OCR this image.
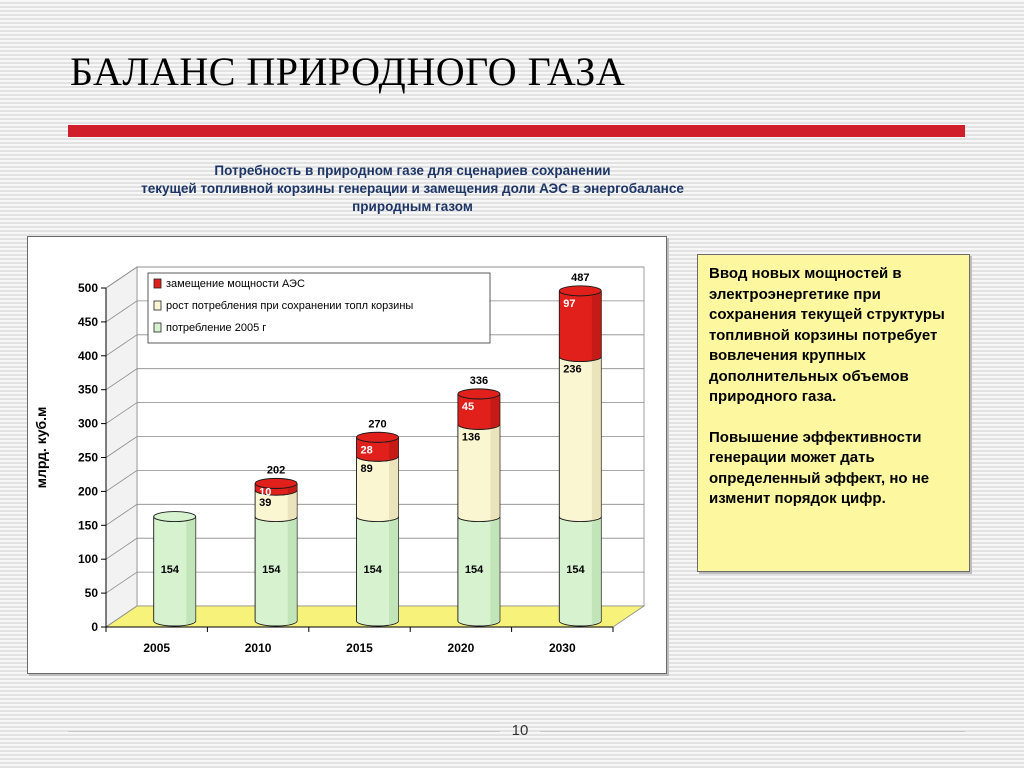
БАЛАНС ПРИРОДНОГО ГАЗА
Потребность в природном газе для сценариев сохранении
текущей топливной корзины генерации и замещения доли АЭС в энергобалансе
природным газом
0
50
100
150
200
250
300
350
400
450
500
2005	2010	2015	2020	2030
154	154
39
10
202
154
89
28
270
154
136
45
336
154
236
97
487
замещение мощности АЭС
рост потребления при сохранении топл корзины
потребление 2005 г
млрд. куб.м

Ввод новых мощностей в электроэнергетике при сохранения текущей структуры топливной корзины потребует вовлечения крупных дополнительных объемов природного газа.

Повышение эффективности генерации может дать определенный эффект, но не изменит порядок цифр.

10
